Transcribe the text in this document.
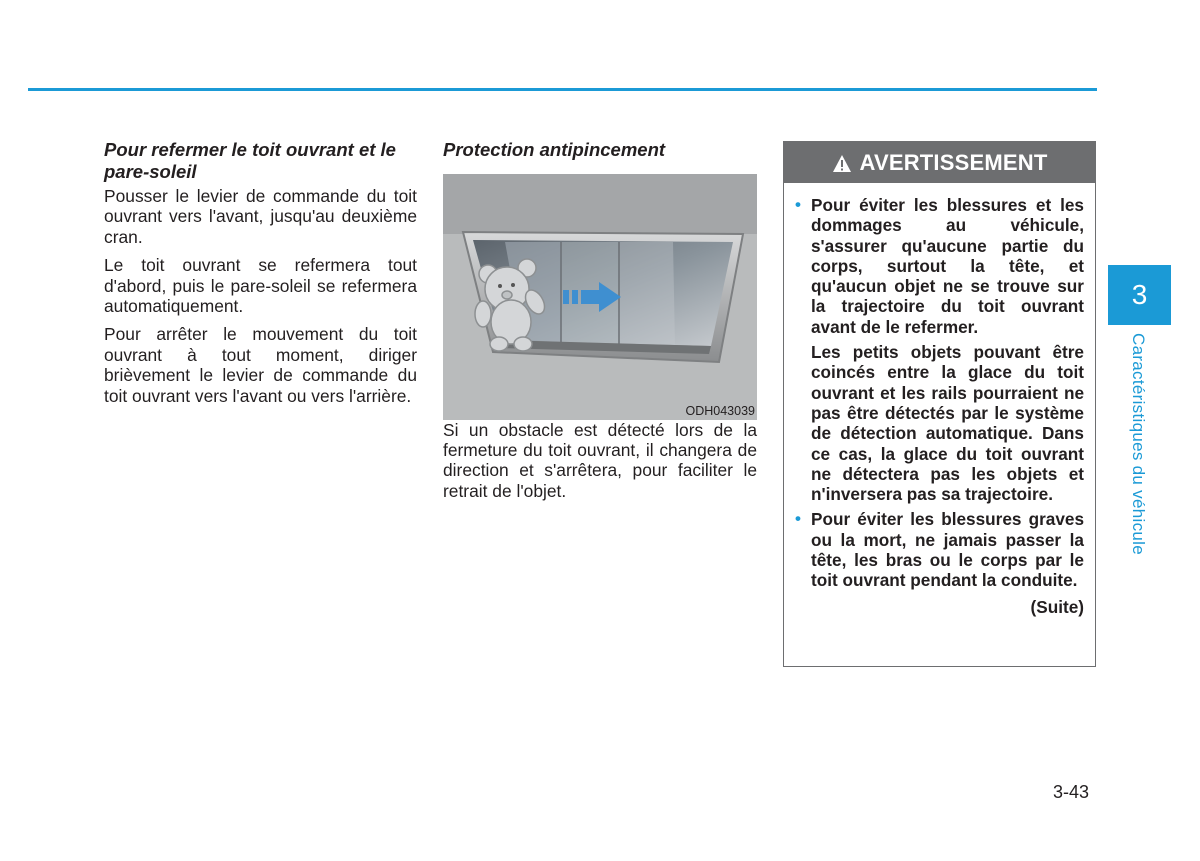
Pour refermer le toit ouvrant et le pare-soleil

Pousser le levier de commande du toit ouvrant vers l'avant, jusqu'au deuxième cran.

Le toit ouvrant se refermera tout d'abord, puis le pare-soleil se refermera automatiquement.

Pour arrêter le mouvement du toit ouvrant à tout moment, diriger brièvement le levier de commande du toit ouvrant vers l'avant ou vers l'arrière.

Protection antipincement
ODH043039

Si un obstacle est détecté lors de la fermeture du toit ouvrant, il changera de direction et s'arrêtera, pour faciliter le retrait de l'objet.

AVERTISSEMENT
• Pour éviter les blessures et les dommages au véhicule, s'assurer qu'aucune partie du corps, surtout la tête, et qu'aucun objet ne se trouve sur la trajectoire du toit ouvrant avant de le refermer.

Les petits objets pouvant être coincés entre la glace du toit ouvrant et les rails pourraient ne pas être détectés par le système de détection automatique. Dans ce cas, la glace du toit ouvrant ne détectera pas les objets et n'inversera pas sa trajectoire.

• Pour éviter les blessures graves ou la mort, ne jamais passer la tête, les bras ou le corps par le toit ouvrant pendant la conduite.

(Suite)
3
Caractéristiques du véhicule
3-43
